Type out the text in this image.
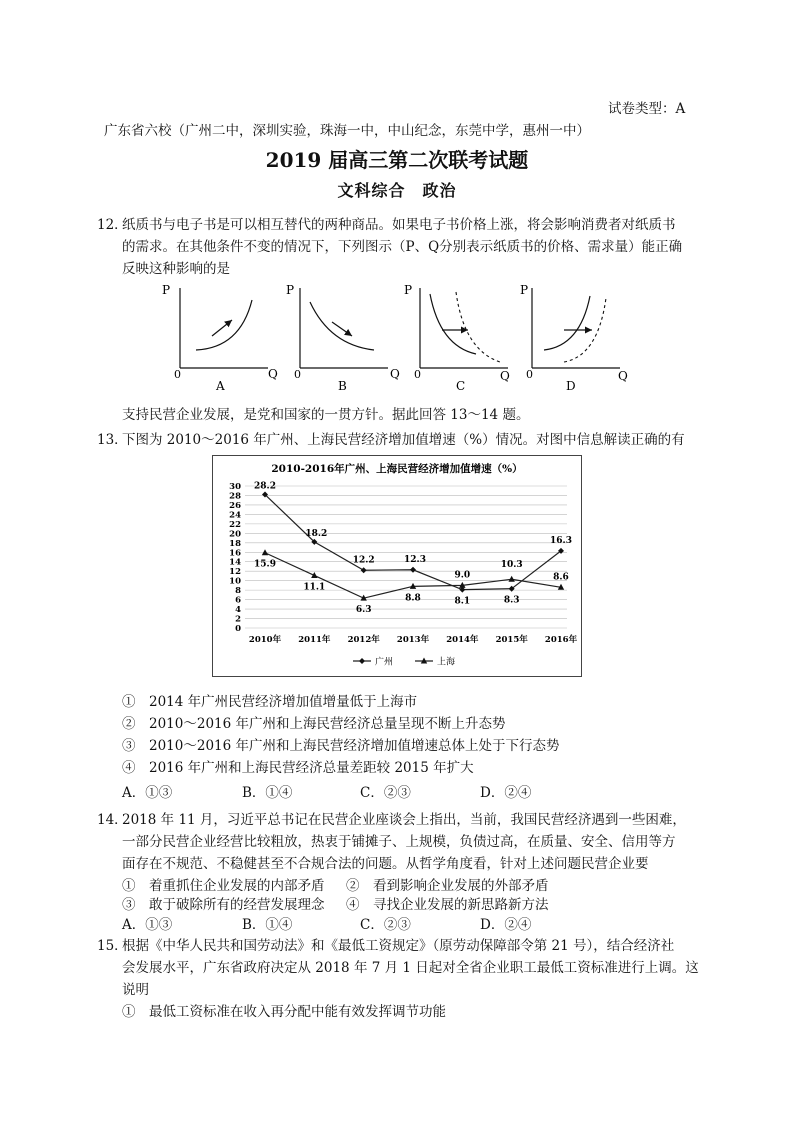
试卷类型：A
广东省六校（广州二中，深圳实验，珠海一中，中山纪念，东莞中学，惠州一中）
2019 届高三第二次联考试题
文科综合　政治
12．
纸质书与电子书是可以相互替代的两种商品。如果电子书价格上涨，将会影响消费者对纸质书
的需求。在其他条件不变的情况下，下列图示（P、Q分别表示纸质书的价格、需求量）能正确
反映这种影响的是
P
Q
0
A
P
Q
0
B
P
Q
0
C
P
Q
0
D
支持民营企业发展，是党和国家的一贯方针。据此回答 13～14 题。
13．
下图为 2010～2016 年广州、上海民营经济增加值增速（%）情况。对图中信息解读正确的有
2010-2016年广州、上海民营经济增加值增速（%）
0
2
4
6
8
10
12
14
16
18
20
22
24
26
28
30
2010年 2011年 2012年 2013年 2014年 2015年 2016年
28.2
18.2
12.2	12.3
8.1	8.3
16.3
15.9
11.1
6.3
8.8
9.0
10.3
8.6
广州	上海
①　2014 年广州民营经济增加值增量低于上海市
②　2010～2016 年广州和上海民营经济总量呈现不断上升态势
③　2010～2016 年广州和上海民营经济增加值增速总体上处于下行态势
④　2016 年广州和上海民营经济总量差距较 2015 年扩大
A．①③	B．①④	C．②③	D．②④
14．
2018 年 11 月，习近平总书记在民营企业座谈会上指出，当前，我国民营经济遇到一些困难，
一部分民营企业经营比较粗放，热衷于铺摊子、上规模，负债过高，在质量、安全、信用等方
面存在不规范、不稳健甚至不合规合法的问题。从哲学角度看，针对上述问题民营企业要
①　着重抓住企业发展的内部矛盾 ②　看到影响企业发展的外部矛盾
③　敢于破除所有的经营发展理念 ④　寻找企业发展的新思路新方法
A．①③	B．①④	C．②③	D．②④
15．
根据《中华人民共和国劳动法》和《最低工资规定》（原劳动保障部令第 21 号），结合经济社
会发展水平，广东省政府决定从 2018 年 7 月 1 日起对全省企业职工最低工资标准进行上调。这
说明
①　最低工资标准在收入再分配中能有效发挥调节功能
